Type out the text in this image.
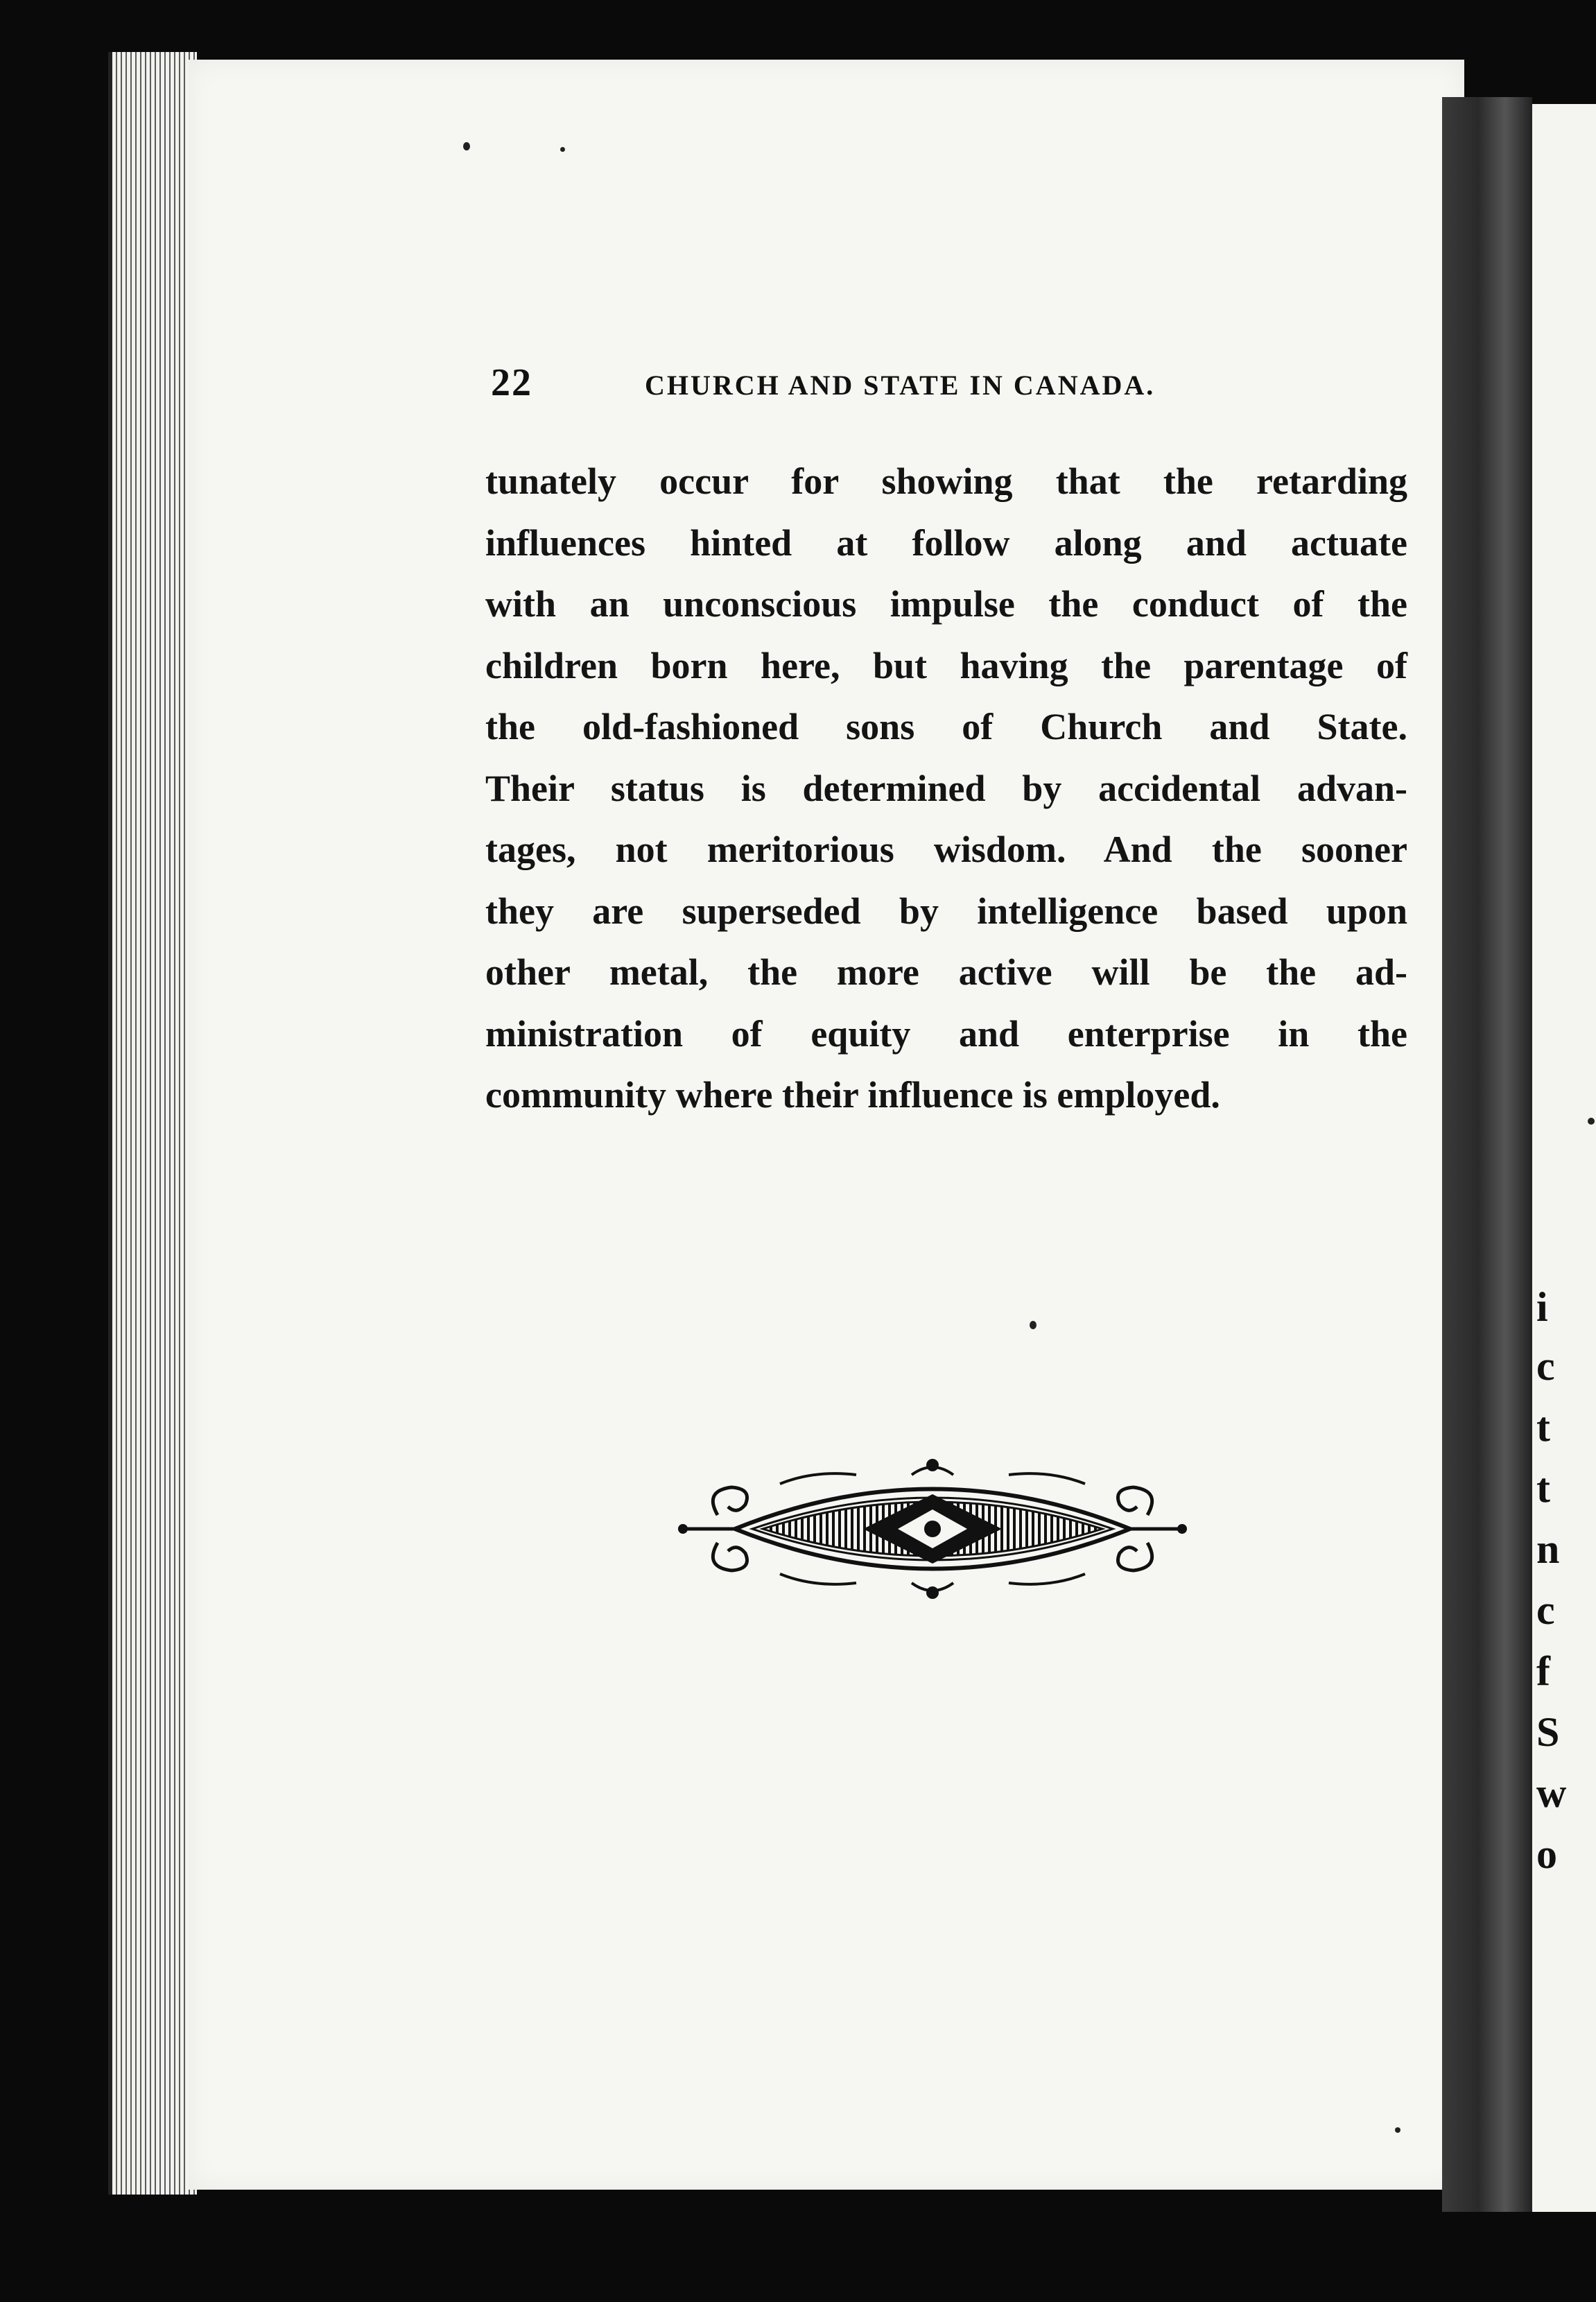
i
c
t
t
n
c
f
S
w
o
22	CHURCH AND STATE IN CANADA.
tunately occur for showing that the retarding
influences hinted at follow along and actuate
with an unconscious impulse the conduct of the
children born here, but having the parentage of
the old-fashioned sons of Church and State.
Their status is determined by accidental advan-
tages, not meritorious wisdom. And the sooner
they are superseded by intelligence based upon
other metal, the more active will be the ad-
ministration of equity and enterprise in the
community where their influence is employed.
